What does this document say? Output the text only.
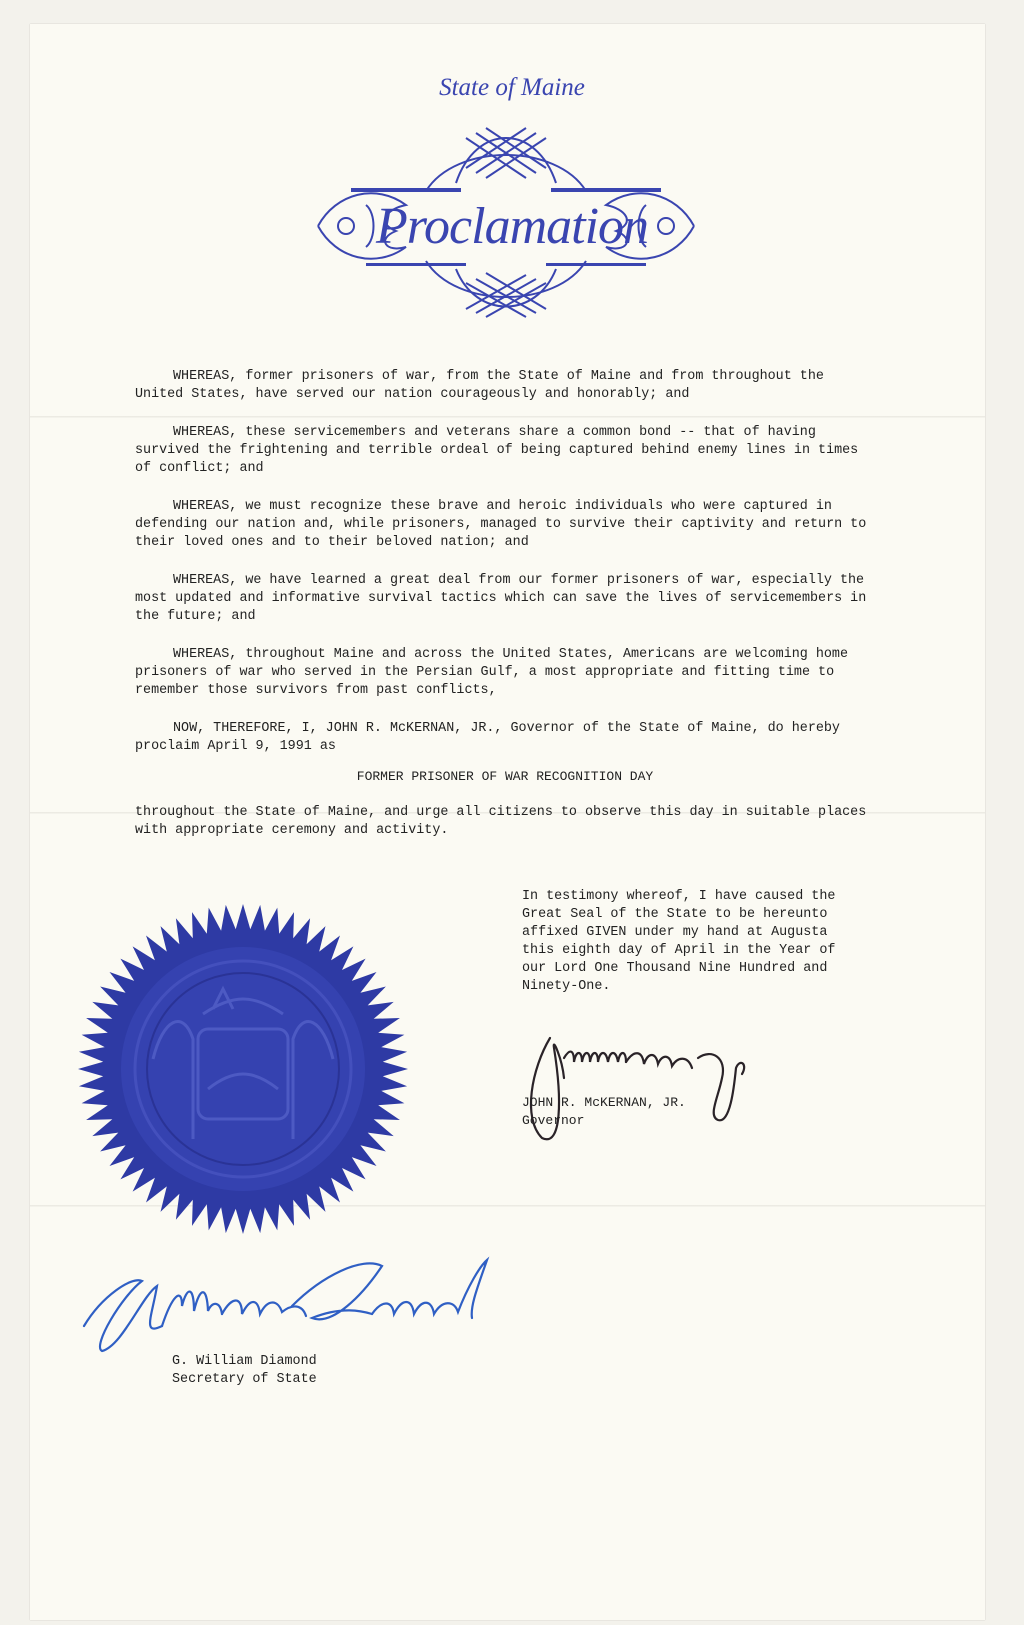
State of Maine
Proclamation

WHEREAS, former prisoners of war, from the State of Maine and from throughout the United States, have served our nation courageously and honorably; and

WHEREAS, these servicemembers and veterans share a common bond -- that of having survived the frightening and terrible ordeal of being captured behind enemy lines in times of conflict; and

WHEREAS, we must recognize these brave and heroic individuals who were captured in defending our nation and, while prisoners, managed to survive their captivity and return to their loved ones and to their beloved nation; and

WHEREAS, we have learned a great deal from our former prisoners of war, especially the most updated and informative survival tactics which can save the lives of servicemembers in the future; and

WHEREAS, throughout Maine and across the United States, Americans are welcoming home prisoners of war who served in the Persian Gulf, a most appropriate and fitting time to remember those survivors from past conflicts,

NOW, THEREFORE, I, JOHN R. McKERNAN, JR., Governor of the State of Maine, do hereby proclaim April 9, 1991 as

FORMER PRISONER OF WAR RECOGNITION DAY

throughout the State of Maine, and urge all citizens to observe this day in suitable places with appropriate ceremony and activity.

In testimony whereof, I have caused the Great Seal of the State to be hereunto affixed GIVEN under my hand at Augusta this eighth day of April in the Year of our Lord One Thousand Nine Hundred and Ninety-One.
JOHN R. McKERNAN, JR.
Governor
G. William Diamond
Secretary of State
